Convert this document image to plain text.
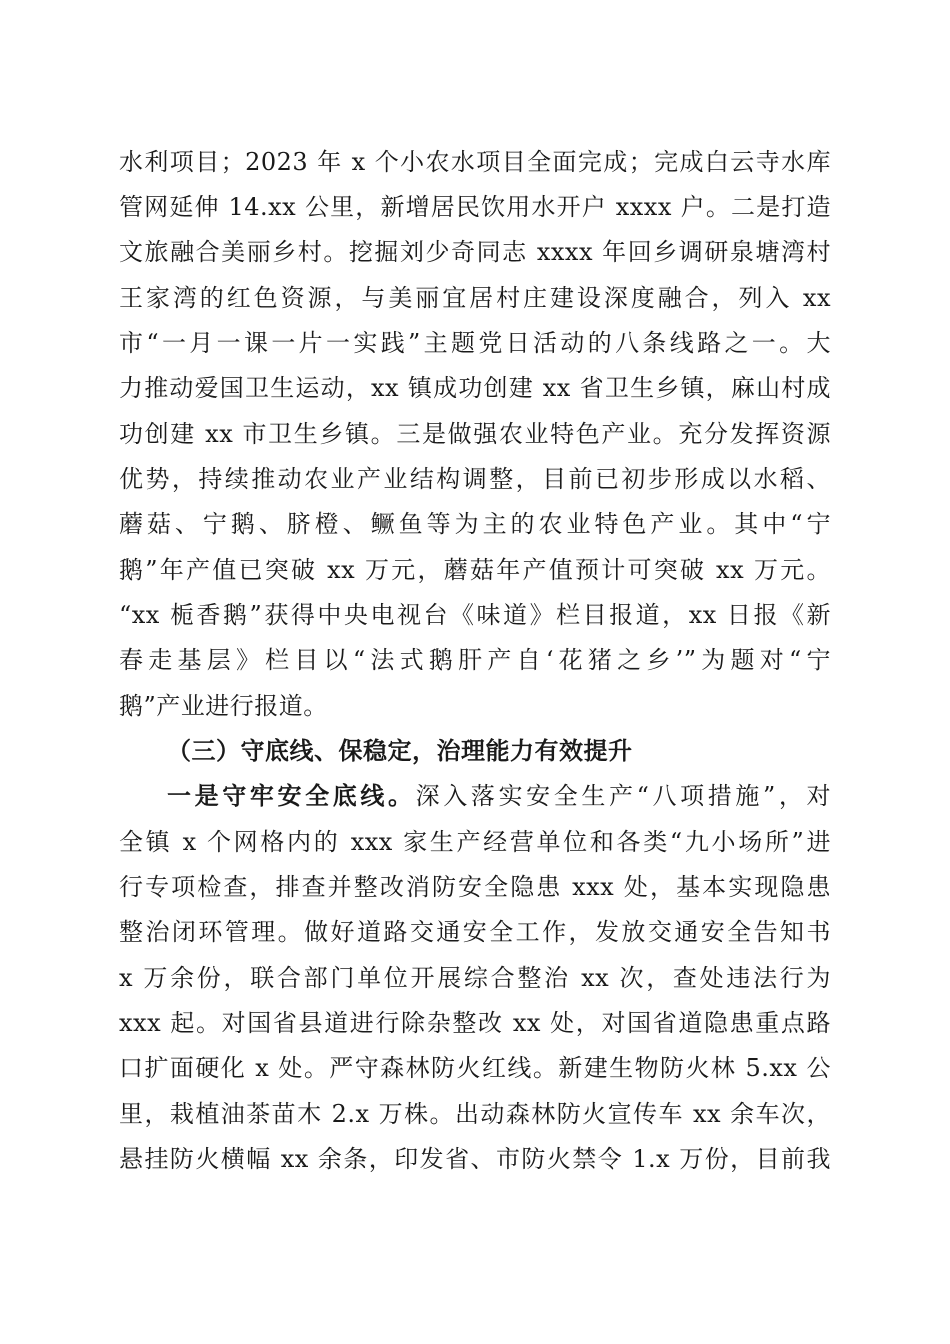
水利项目；2023 年 x 个小农水项目全面完成；完成白云寺水库
管网延伸 14.xx 公里，新增居民饮用水开户 xxxx 户。二是打造
文旅融合美丽乡村。挖掘刘少奇同志 xxxx 年回乡调研泉塘湾村
王家湾的红色资源，与美丽宜居村庄建设深度融合，列入 xx
市“一月一课一片一实践”主题党日活动的八条线路之一。大
力推动爱国卫生运动，xx 镇成功创建 xx 省卫生乡镇，麻山村成
功创建 xx 市卫生乡镇。三是做强农业特色产业。充分发挥资源
优势，持续推动农业产业结构调整，目前已初步形成以水稻、
蘑菇、宁鹅、脐橙、鳜鱼等为主的农业特色产业。其中“宁
鹅”年产值已突破 xx 万元，蘑菇年产值预计可突破 xx 万元。
“xx 栀香鹅”获得中央电视台《味道》栏目报道，xx 日报《新
春走基层》栏目以“法式鹅肝产自‘花猪之乡’”为题对“宁
鹅”产业进行报道。
（三）守底线、保稳定，治理能力有效提升
一是守牢安全底线。深入落实安全生产“八项措施”，对
全镇 x 个网格内的 xxx 家生产经营单位和各类“九小场所”进
行专项检查，排查并整改消防安全隐患 xxx 处，基本实现隐患
整治闭环管理。做好道路交通安全工作，发放交通安全告知书
x 万余份，联合部门单位开展综合整治 xx 次，查处违法行为
xxx 起。对国省县道进行除杂整改 xx 处，对国省道隐患重点路
口扩面硬化 x 处。严守森林防火红线。新建生物防火林 5.xx 公
里，栽植油茶苗木 2.x 万株。出动森林防火宣传车 xx 余车次，
悬挂防火横幅 xx 余条，印发省、市防火禁令 1.x 万份，目前我
